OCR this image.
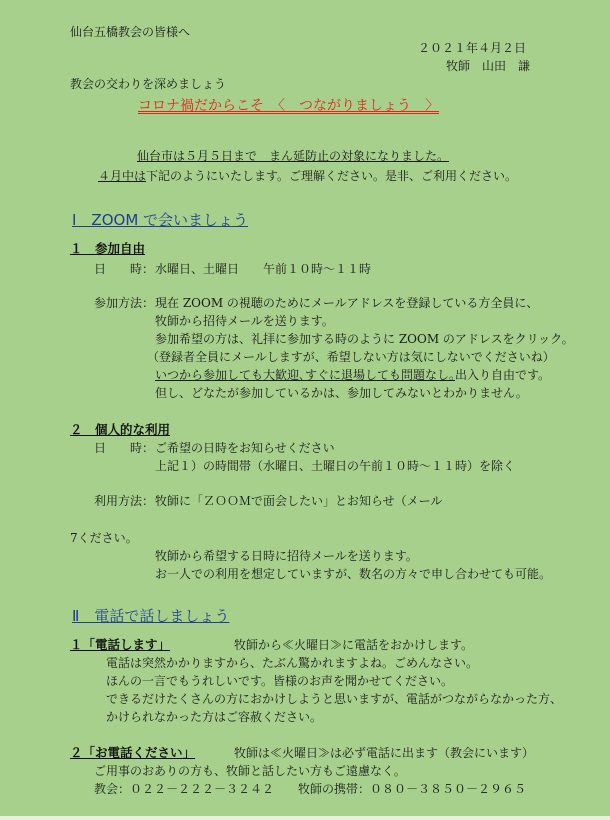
仙台五橋教会の皆様へ
２０２１年４月２日
牧師　山田　謙
教会の交わりを深めましょう
コロナ禍だからこそ　〈　つながりましょう　〉
仙台市は５月５日まで　まん延防止の対象になりました。
４月中は下記のようにいたします。ご理解ください。是非、ご利用ください。
Ⅰ　ZOOM で会いましょう
１　参加自由
日　　時： 水曜日、土曜日　　午前１０時～１１時
参加方法： 現在 ZOOM の視聴のためにメールアドレスを登録している方全員に、
牧師から招待メールを送ります。
参加希望の方は、礼拝に参加する時のように ZOOM のアドレスをクリック。
（登録者全員にメールしますが、希望しない方は気にしないでくださいね）
いつから参加しても大歓迎､すぐに退場しても問題なし｡出入り自由です。
但し、どなたが参加しているかは、参加してみないとわかりません。
２　個人的な利用
日　　時： ご希望の日時をお知らせください
上記１）の時間帯（水曜日、土曜日の午前１０時～１１時）を除く
利用方法： 牧師に「ＺＯＯＭで面会したい」とお知らせ（メール
7ください。
牧師から希望する日時に招待メールを送ります。
お一人での利用を想定していますが、数名の方々で申し合わせても可能。
Ⅱ　電話で話しましょう
１「電話します」	牧師から≪火曜日≫に電話をおかけします。
電話は突然かかりますから、たぶん驚かれますよね。ごめんなさい。
ほんの一言でもうれしいです。皆様のお声を聞かせてください。
できるだけたくさんの方におかけしようと思いますが、電話がつながらなかった方、
かけられなかった方はご容赦ください。
２「お電話ください」	牧師は≪火曜日≫は必ず電話に出ます（教会にいます）
ご用事のおありの方も、牧師と話したい方もご遠慮なく。
教会：０２２－２２２－３２４２　　牧師の携帯：０８０－３８５０－２９６５
